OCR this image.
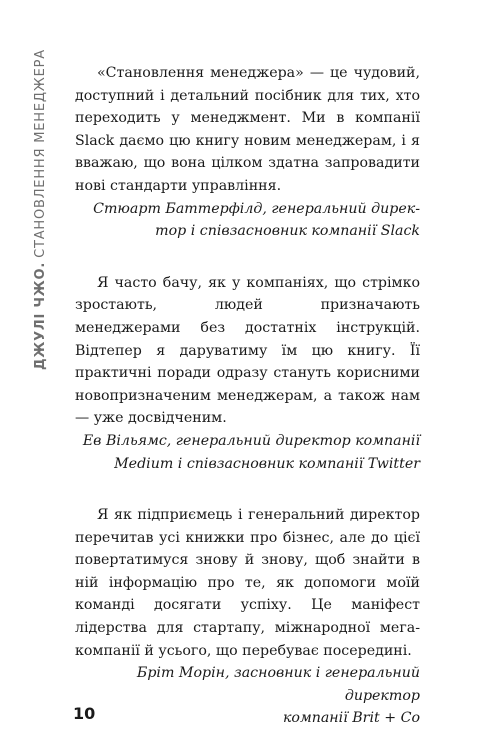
ДЖУЛІ ЧЖО.СТАНОВЛЕННЯ МЕНЕДЖЕРА	«Становлення менеджера» — це чудовий, доступний і детальний посібник для тих, хто переходить у менеджмент. Ми в компанії Slack даємо цю книгу новим менеджерам, і я вважаю, що вона цілком здатна запровадити нові стандарти управління.

Стюарт Баттерфілд, генеральний дирек-
тор і співзасновник компанії Slack

Я часто бачу, як у компаніях, що стрімко зростають, людей призначають менеджерами без достатніх інструкцій. Відтепер я даруватиму їм цю книгу. Її практичні поради одразу стануть корисними новопризначеним менеджерам, а також нам — уже досвідченим.

Ев Вільямс, генеральний директор компанії
Medium і співзасновник компанії Twitter

Я як підприємець і генеральний директор перечитав усі книжки про бізнес, але до цієї повертатимуся знову й знову, щоб знайти в ній інформацію про те, як допомоги моїй команді досягати успіху. Це маніфест лідерства для стартапу, міжнародної мега-компанії й усього, що перебуває посередині.

Бріт Морін, засновник і генеральний директор
компанії Brit + Co

10
